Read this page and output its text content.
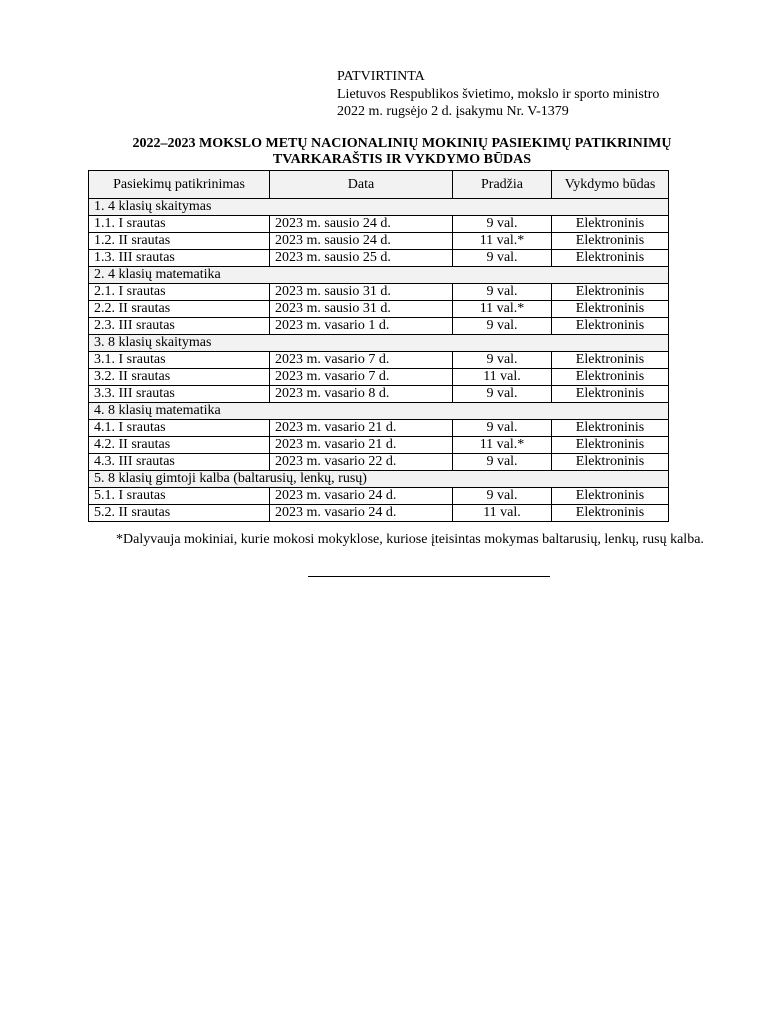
PATVIRTINTA
Lietuvos Respublikos švietimo, mokslo ir sporto ministro
2022 m. rugsėjo 2 d. įsakymu Nr. V-1379
2022–2023 MOKSLO METŲ NACIONALINIŲ MOKINIŲ PASIEKIMŲ PATIKRINIMŲ
TVARKARAŠTIS IR VYKDYMO BŪDAS
Pasiekimų patikrinimas	Data	Pradžia	Vykdymo būdas
1. 4 klasių skaitymas			
1.1. I srautas	2023 m. sausio 24 d.	9 val.	Elektroninis
1.2. II srautas	2023 m. sausio 24 d.	11 val.*	Elektroninis
1.3. III srautas	2023 m. sausio 25 d.	9 val.	Elektroninis
2. 4 klasių matematika			
2.1. I srautas	2023 m. sausio 31 d.	9 val.	Elektroninis
2.2. II srautas	2023 m. sausio 31 d.	11 val.*	Elektroninis
2.3. III srautas	2023 m. vasario 1 d.	9 val.	Elektroninis
3. 8 klasių skaitymas			
3.1. I srautas	2023 m. vasario 7 d.	9 val.	Elektroninis
3.2. II srautas	2023 m. vasario 7 d.	11 val.	Elektroninis
3.3. III srautas	2023 m. vasario 8 d.	9 val.	Elektroninis
4. 8 klasių matematika			
4.1. I srautas	2023 m. vasario 21 d.	9 val.	Elektroninis
4.2. II srautas	2023 m. vasario 21 d.	11 val.*	Elektroninis
4.3. III srautas	2023 m. vasario 22 d.	9 val.	Elektroninis
5. 8 klasių gimtoji kalba (baltarusių, lenkų, rusų)			
5.1. I srautas	2023 m. vasario 24 d.	9 val.	Elektroninis
5.2. II srautas	2023 m. vasario 24 d.	11 val.	Elektroninis
*Dalyvauja mokiniai, kurie mokosi mokyklose, kuriose įteisintas mokymas baltarusių, lenkų, rusų kalba.
